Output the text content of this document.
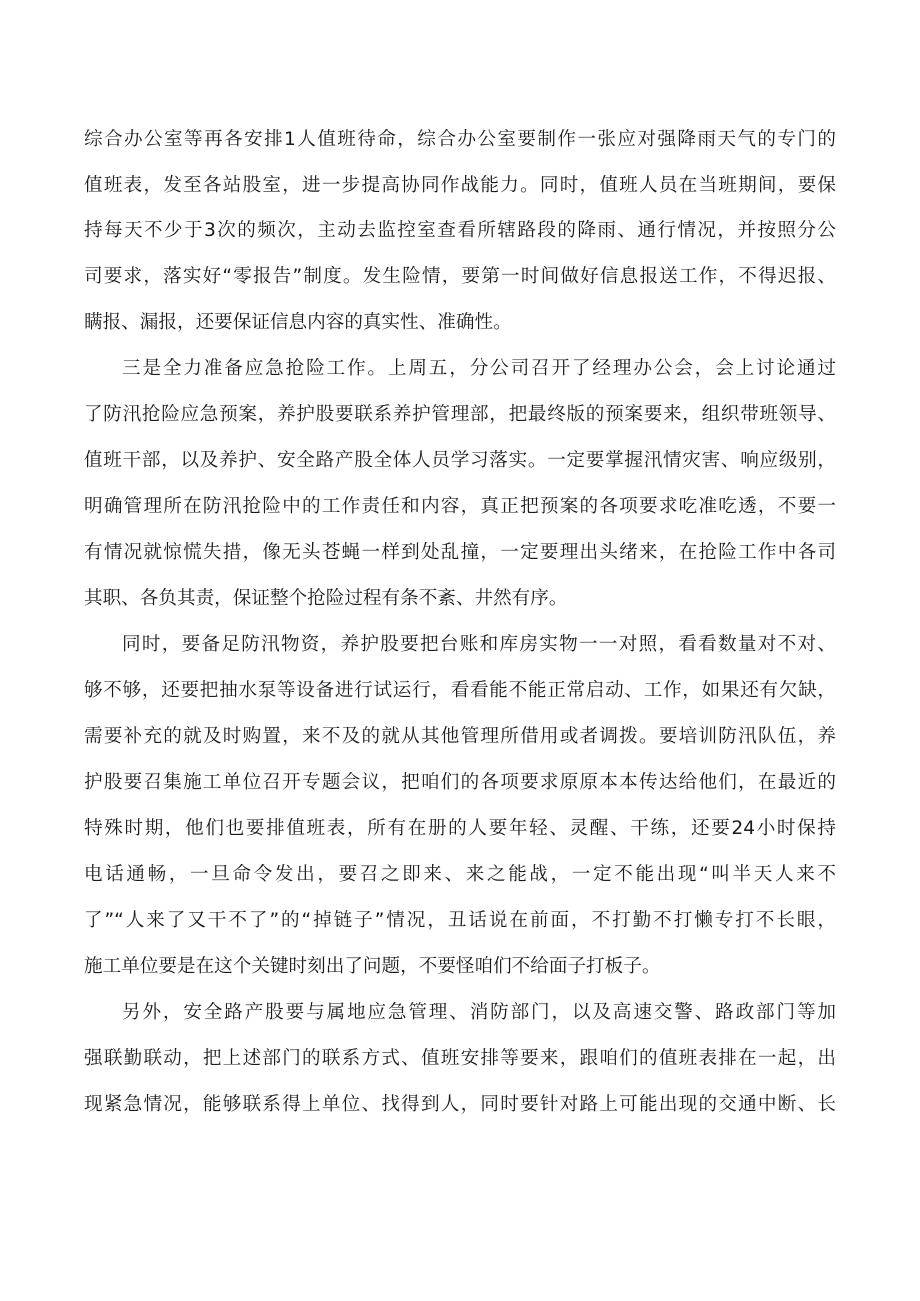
综合办公室等再各安排1人值班待命，综合办公室要制作一张应对强降雨天气的专门的
值班表，发至各站股室，进一步提高协同作战能力。同时，值班人员在当班期间，要保
持每天不少于3次的频次，主动去监控室查看所辖路段的降雨、通行情况，并按照分公
司要求，落实好“零报告”制度。发生险情，要第一时间做好信息报送工作，不得迟报、
瞒报、漏报，还要保证信息内容的真实性、准确性。
三是全力准备应急抢险工作。上周五，分公司召开了经理办公会，会上讨论通过
了防汛抢险应急预案，养护股要联系养护管理部，把最终版的预案要来，组织带班领导、
值班干部，以及养护、安全路产股全体人员学习落实。一定要掌握汛情灾害、响应级别，
明确管理所在防汛抢险中的工作责任和内容，真正把预案的各项要求吃准吃透，不要一
有情况就惊慌失措，像无头苍蝇一样到处乱撞，一定要理出头绪来，在抢险工作中各司
其职、各负其责，保证整个抢险过程有条不紊、井然有序。
同时，要备足防汛物资，养护股要把台账和库房实物一一对照，看看数量对不对、
够不够，还要把抽水泵等设备进行试运行，看看能不能正常启动、工作，如果还有欠缺，
需要补充的就及时购置，来不及的就从其他管理所借用或者调拨。要培训防汛队伍，养
护股要召集施工单位召开专题会议，把咱们的各项要求原原本本传达给他们，在最近的
特殊时期，他们也要排值班表，所有在册的人要年轻、灵醒、干练，还要24小时保持
电话通畅，一旦命令发出，要召之即来、来之能战，一定不能出现“叫半天人来不
了”“人来了又干不了”的“掉链子”情况，丑话说在前面，不打勤不打懒专打不长眼，
施工单位要是在这个关键时刻出了问题，不要怪咱们不给面子打板子。
另外，安全路产股要与属地应急管理、消防部门，以及高速交警、路政部门等加
强联勤联动，把上述部门的联系方式、值班安排等要来，跟咱们的值班表排在一起，出
现紧急情况，能够联系得上单位、找得到人，同时要针对路上可能出现的交通中断、长
